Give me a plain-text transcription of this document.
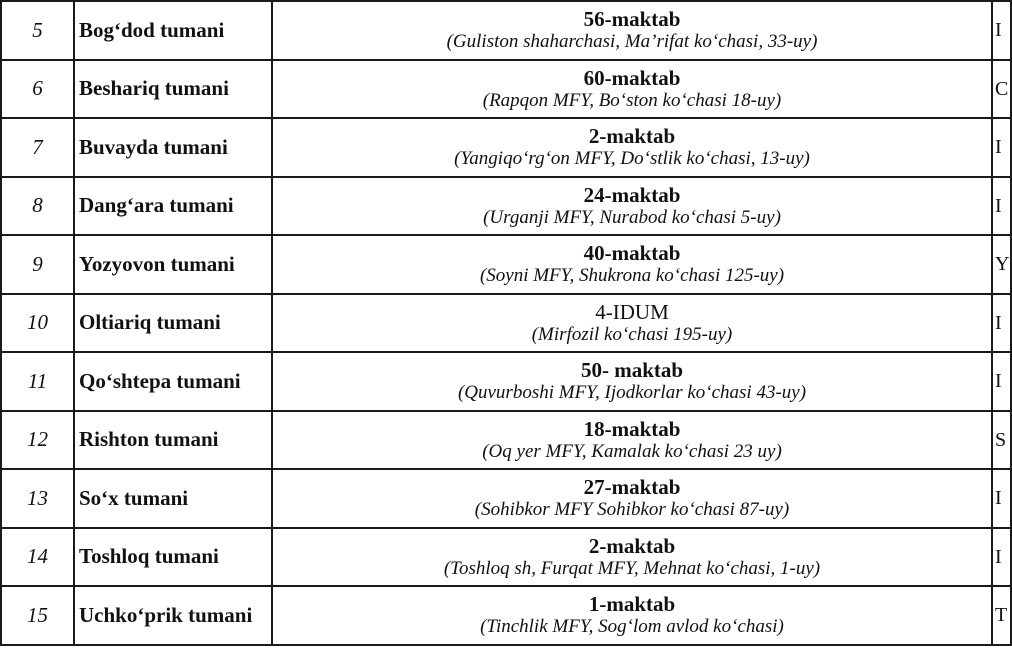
5	Bog‘dod tumani	56-maktab
(Guliston shaharchasi, Ma’rifat ko‘chasi, 33-uy)	I
6	Beshariq tumani	60-maktab
(Rapqon MFY, Bo‘ston ko‘chasi 18-uy)	C
7	Buvayda tumani	2-maktab
(Yangiqo‘rg‘on MFY, Do‘stlik ko‘chasi, 13-uy)	I
8	Dang‘ara tumani	24-maktab
(Urganji MFY, Nurabod ko‘chasi 5-uy)	I
9	Yozyovon tumani	40-maktab
(Soyni MFY, Shukrona ko‘chasi 125-uy)	Y
10	Oltiariq tumani	4-IDUM
(Mirfozil ko‘chasi 195-uy)	I
11	Qo‘shtepa tumani	50- maktab
(Quvurboshi MFY, Ijodkorlar ko‘chasi 43-uy)	I
12	Rishton tumani	18-maktab
(Oq yer MFY, Kamalak ko‘chasi 23 uy)	S
13	So‘x tumani	27-maktab
(Sohibkor MFY Sohibkor ko‘chasi 87-uy)	I
14	Toshloq tumani	2-maktab
(Toshloq sh, Furqat MFY, Mehnat ko‘chasi, 1-uy)	I
15	Uchko‘prik tumani	1-maktab
(Tinchlik MFY, Sog‘lom avlod ko‘chasi)	T
